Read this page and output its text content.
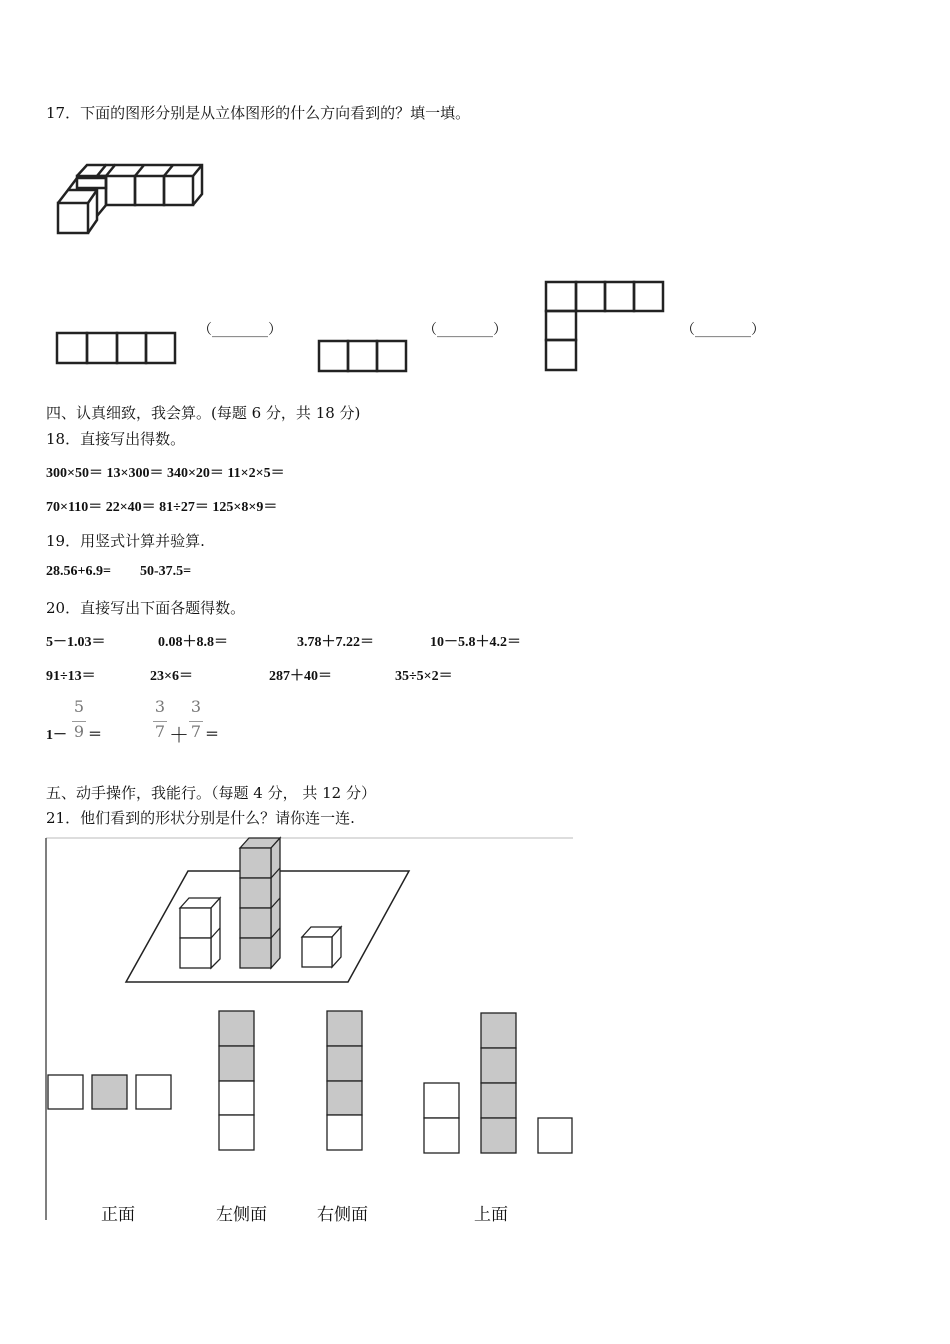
17．下面的图形分别是从立体图形的什么方向看到的？填一填。
（________）	（________）	（________）
四、认真细致，我会算。(每题 6 分，共 18 分)
18．直接写出得数。
300×50＝ 13×300＝ 340×20＝ 11×2×5＝
70×110＝ 22×40＝ 81÷27＝ 125×8×9＝
19．用竖式计算并验算.
28.56+6.9= 50-37.5=
20．直接写出下面各题得数。
5－1.03＝	0.08＋8.8＝	3.78＋7.22＝	10－5.8＋4.2＝
91÷13＝	23×6＝	287＋40＝	35÷5×2＝
1－
5
9 ＝
3
7 ＋
3
7 ＝
五、动手操作，我能行。（每题 4 分， 共 12 分）
21．他们看到的形状分别是什么？请你连一连.
正面	左侧面	右侧面	上面
